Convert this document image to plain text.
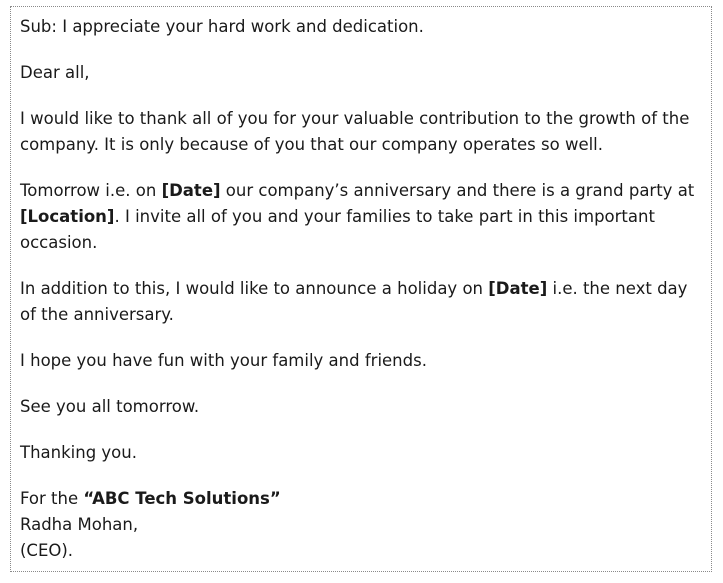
Sub: I appreciate your hard work and dedication.

Dear all,

I would like to thank all of you for your valuable contribution to the growth of the company. It is only because of you that our company operates so well.

Tomorrow i.e. on [Date] our company’s anniversary and there is a grand party at [Location]. I invite all of you and your families to take part in this important occasion.

In addition to this, I would like to announce a holiday on [Date] i.e. the next day of the anniversary.

I hope you have fun with your family and friends.

See you all tomorrow.

Thanking you.

For the “ABC Tech Solutions”
Radha Mohan,
(CEO).
